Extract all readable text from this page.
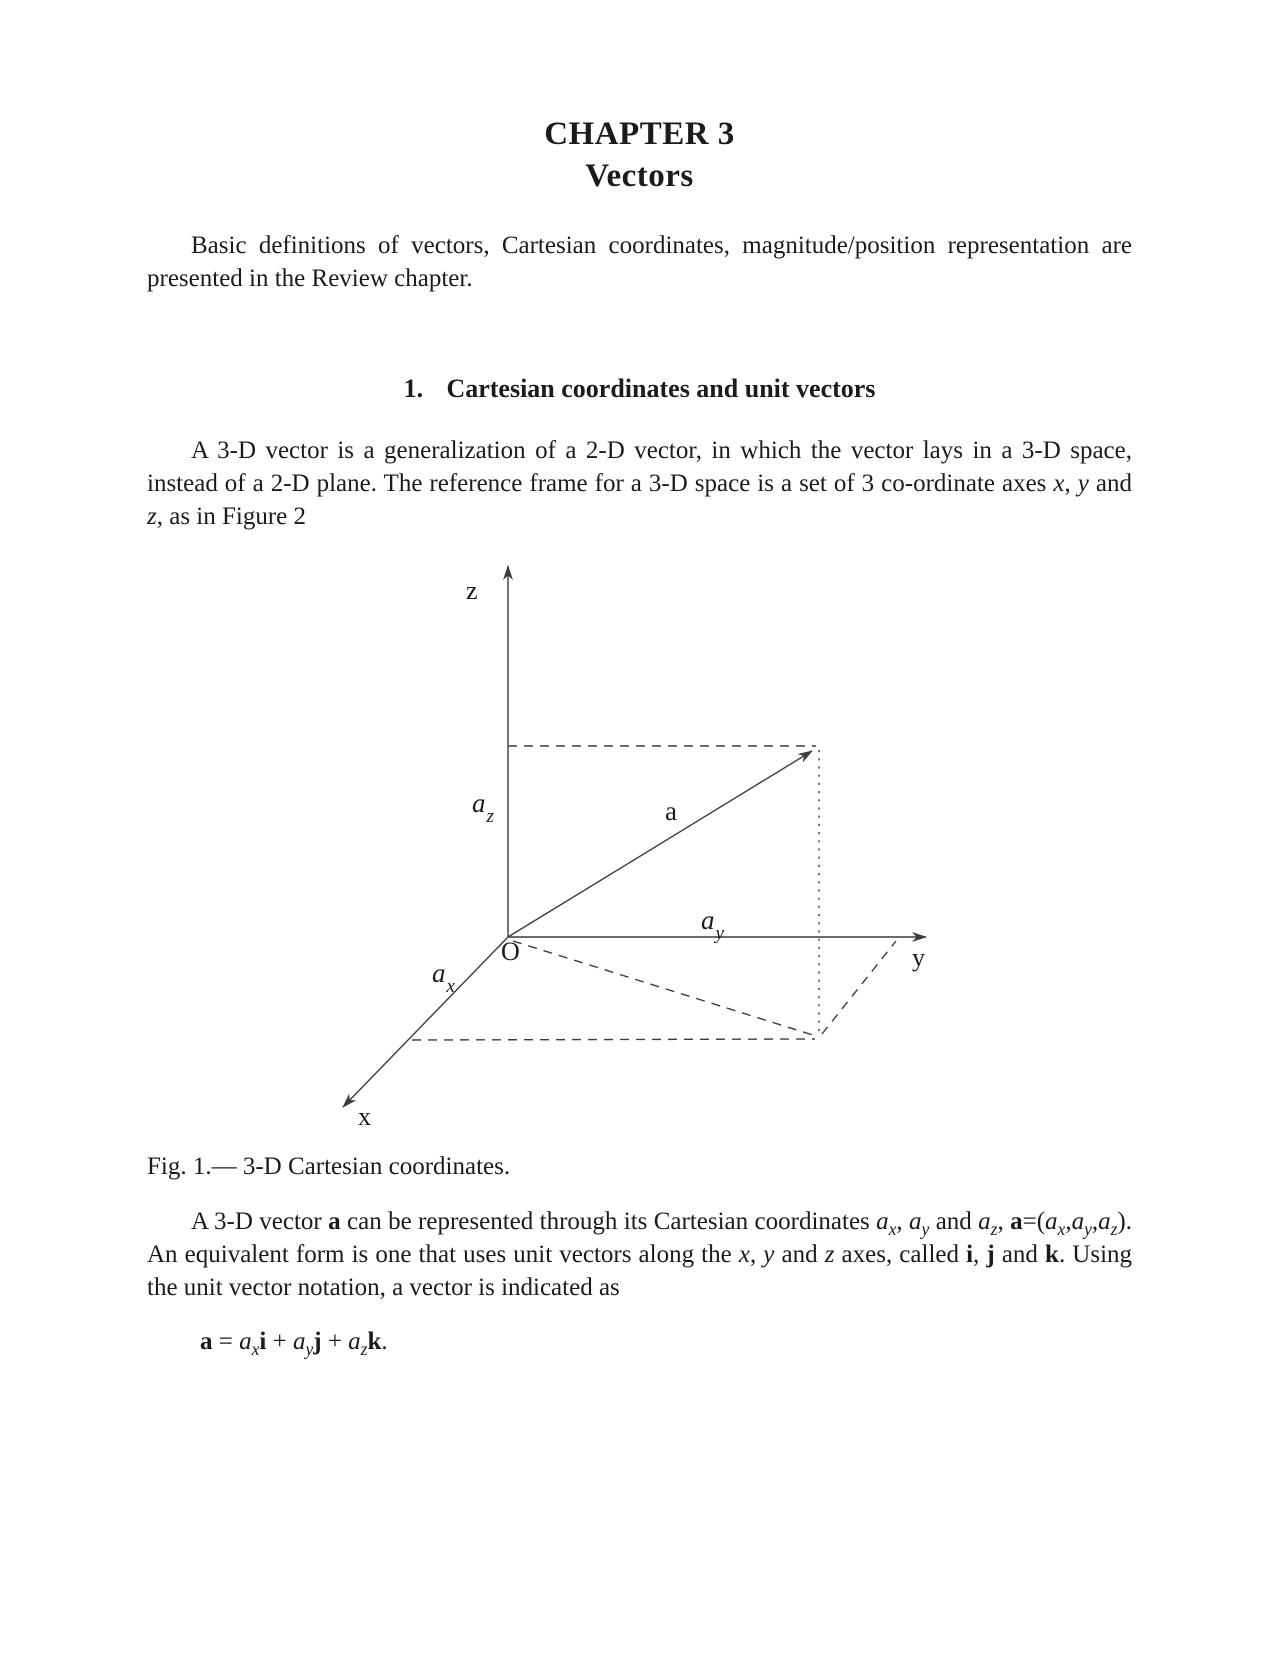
CHAPTER 3
Vectors
Basic definitions of vectors, Cartesian coordinates, magnitude/position representation are presented in the Review chapter.
1. Cartesian coordinates and unit vectors
A 3-D vector is a generalization of a 2-D vector, in which the vector lays in a 3-D space, instead of a 2-D plane. The reference frame for a 3-D space is a set of 3 co-ordinate axes x, y and z, as in Figure 2
z
y
x
O
a
$a_z$
$a_y$
$a_x$
Fig. 1.— 3-D Cartesian coordinates.
A 3-D vector a can be represented through its Cartesian coordinates $a_x$, $a_y$ and $a_z$, $a=(a_x,a_y,a_z)$. An equivalent form is one that uses unit vectors along the x, y and z axes, called i, j and k. Using the unit vector notation, a vector is indicated as
$a = a_xi + a_yj + a_zk$.
